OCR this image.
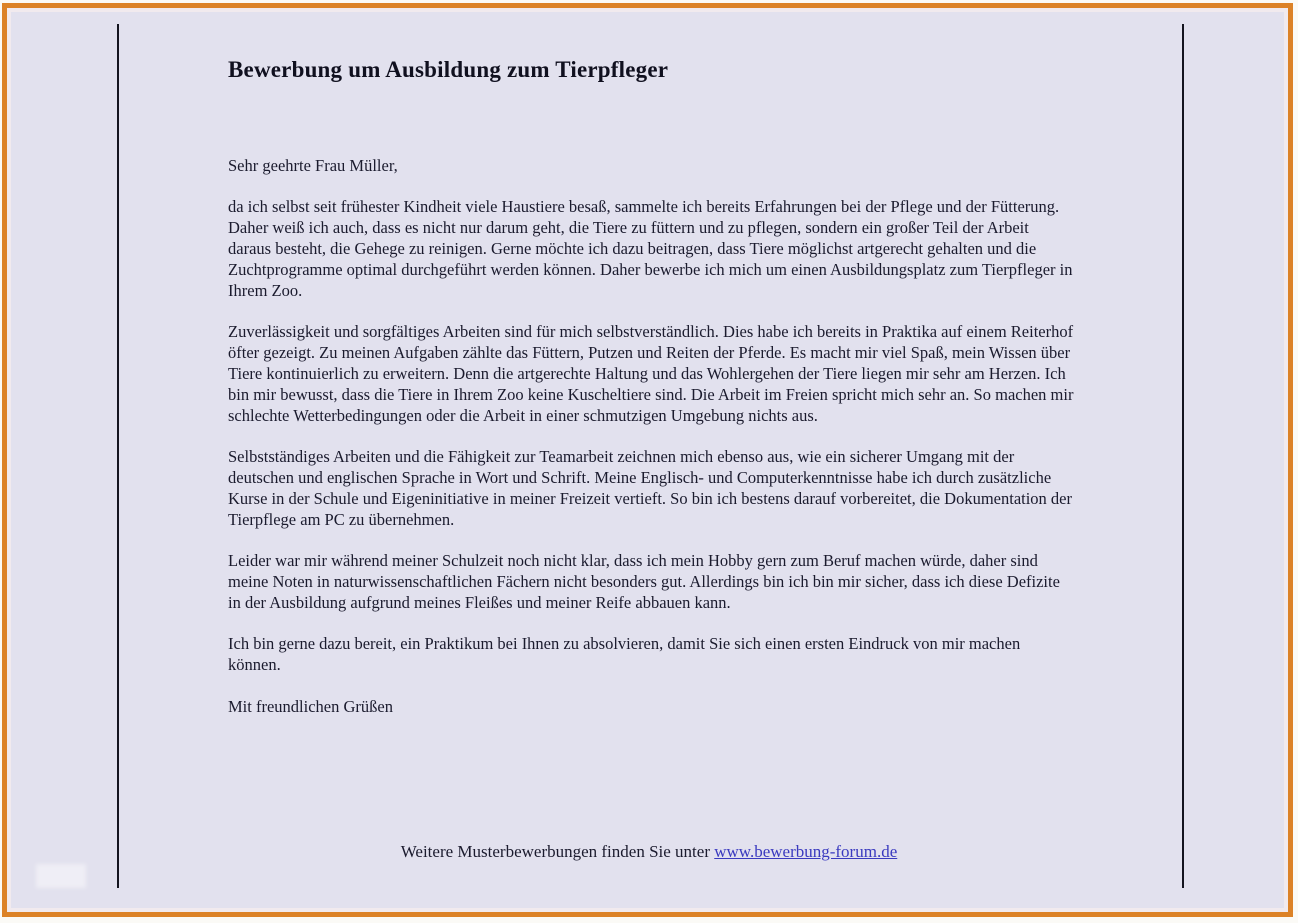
Bewerbung um Ausbildung zum Tierpfleger
Sehr geehrte Frau Müller,

da ich selbst seit frühester Kindheit viele Haustiere besaß, sammelte ich bereits Erfahrungen bei der Pflege und der Fütterung. Daher weiß ich auch, dass es nicht nur darum geht, die Tiere zu füttern und zu pflegen, sondern ein großer Teil der Arbeit daraus besteht, die Gehege zu reinigen. Gerne möchte ich dazu beitragen, dass Tiere möglichst artgerecht gehalten und die Zuchtprogramme optimal durchgeführt werden können. Daher bewerbe ich mich um einen Ausbildungsplatz zum Tierpfleger in Ihrem Zoo.

Zuverlässigkeit und sorgfältiges Arbeiten sind für mich selbstverständlich. Dies habe ich bereits in Praktika auf einem Reiterhof öfter gezeigt. Zu meinen Aufgaben zählte das Füttern, Putzen und Reiten der Pferde. Es macht mir viel Spaß, mein Wissen über Tiere kontinuierlich zu erweitern. Denn die artgerechte Haltung und das Wohlergehen der Tiere liegen mir sehr am Herzen. Ich bin mir bewusst, dass die Tiere in Ihrem Zoo keine Kuscheltiere sind. Die Arbeit im Freien spricht mich sehr an. So machen mir schlechte Wetterbedingungen oder die Arbeit in einer schmutzigen Umgebung nichts aus.

Selbstständiges Arbeiten und die Fähigkeit zur Teamarbeit zeichnen mich ebenso aus, wie ein sicherer Umgang mit der deutschen und englischen Sprache in Wort und Schrift. Meine Englisch- und Computerkenntnisse habe ich durch zusätzliche Kurse in der Schule und Eigeninitiative in meiner Freizeit vertieft. So bin ich bestens darauf vorbereitet, die Dokumentation der Tierpflege am PC zu übernehmen.

Leider war mir während meiner Schulzeit noch nicht klar, dass ich mein Hobby gern zum Beruf machen würde, daher sind meine Noten in naturwissenschaftlichen Fächern nicht besonders gut. Allerdings bin ich bin mir sicher, dass ich diese Defizite in der Ausbildung aufgrund meines Fleißes und meiner Reife abbauen kann.

Ich bin gerne dazu bereit, ein Praktikum bei Ihnen zu absolvieren, damit Sie sich einen ersten Eindruck von mir machen können.

Mit freundlichen Grüßen
Weitere Musterbewerbungen finden Sie unter www.bewerbung-forum.de
